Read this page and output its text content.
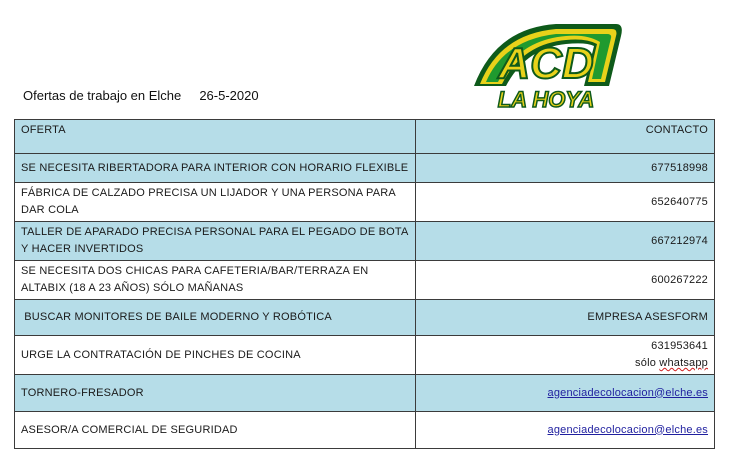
Ofertas de trabajo en Elche 26-5-2020
ACD
LA HOYA
OFERTA	CONTACTO
SE NECESITA RIBERTADORA PARA INTERIOR CON HORARIO FLEXIBLE	677518998
FÁBRICA DE CALZADO PRECISA UN LIJADOR Y UNA PERSONA PARA DAR COLA	652640775
TALLER DE APARADO PRECISA PERSONAL PARA EL PEGADO DE BOTA Y HACER INVERTIDOS	667212974
SE NECESITA DOS CHICAS PARA CAFETERIA/BAR/TERRAZA EN ALTABIX (18 A 23 AÑOS) SÓLO MAÑANAS	600267222
BUSCAR MONITORES DE BAILE MODERNO Y ROBÓTICA	EMPRESA ASESFORM
URGE LA CONTRATACIÓN DE PINCHES DE COCINA	631953641
sólo whatsapp

TORNERO-FRESADOR	agenciadecolocacion@elche.es
ASESOR/A COMERCIAL DE SEGURIDAD	agenciadecolocacion@elche.es
